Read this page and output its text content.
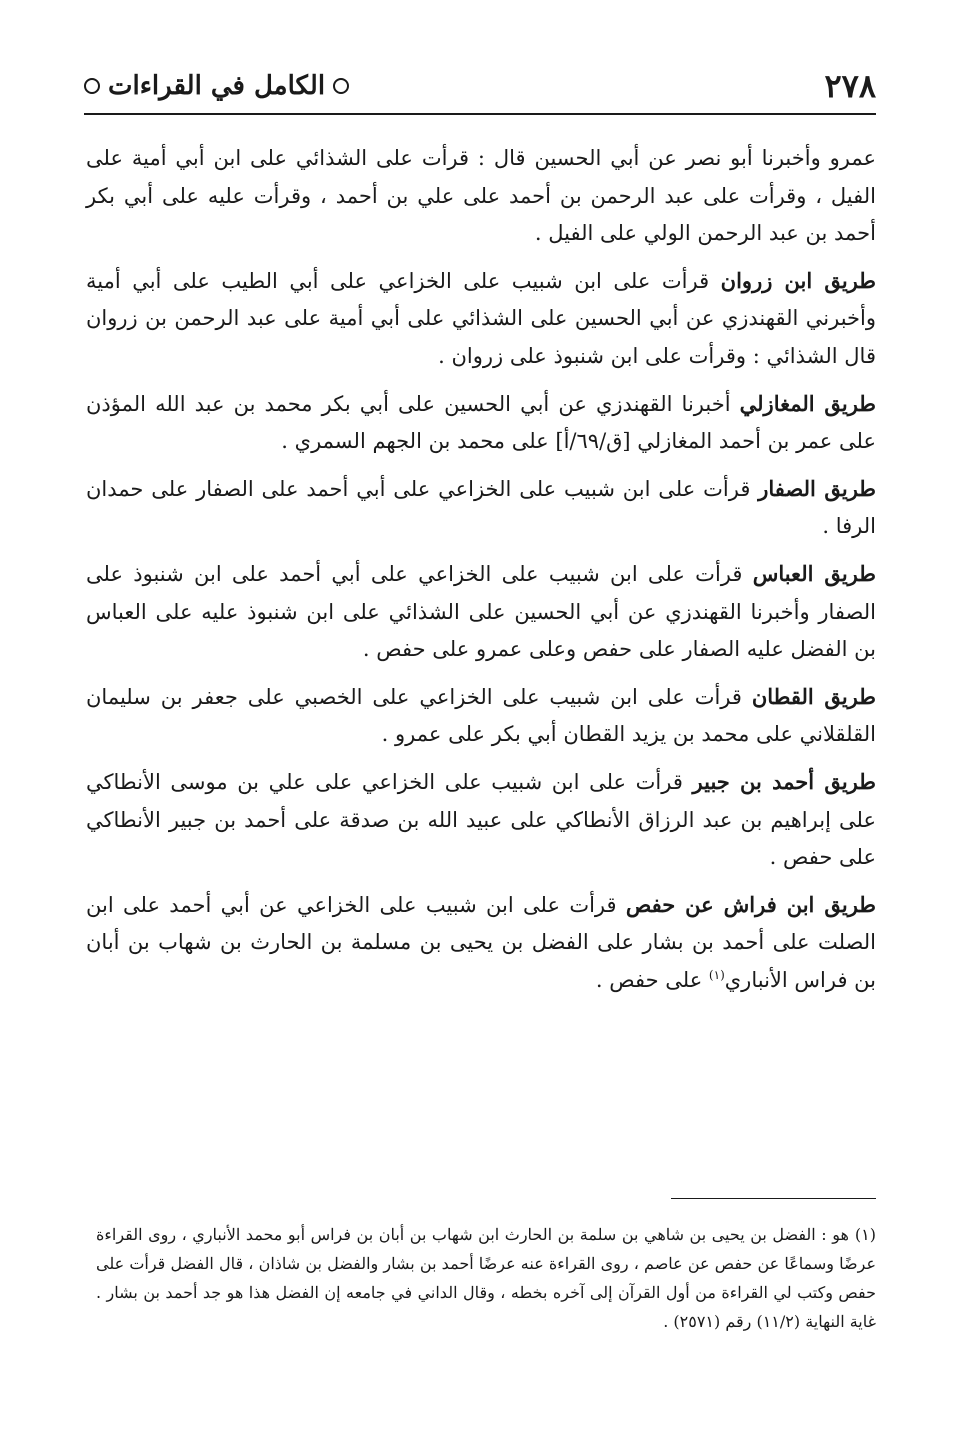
٢٧٨
الكامل في القراءات

عمرو وأخبرنا أبو نصر عن أبي الحسين قال : قرأت على الشذائي على ابن أبي أمية على الفيل ، وقرأت على عبد الرحمن بن أحمد على علي بن أحمد ، وقرأت عليه على أبي بكر أحمد بن عبد الرحمن الولي على الفيل .

طريق ابن زروان قرأت على ابن شبيب على الخزاعي على أبي الطيب على أبي أمية وأخبرني القهندزي عن أبي الحسين على الشذائي على أبي أمية على عبد الرحمن بن زروان قال الشذائي : وقرأت على ابن شنبوذ على زروان .

طريق المغازلي أخبرنا القهندزي عن أبي الحسين على أبي بكر محمد بن عبد الله المؤذن على عمر بن أحمد المغازلي [ق/٦٩/أ] على محمد بن الجهم السمري .

طريق الصفار قرأت على ابن شبيب على الخزاعي على أبي أحمد على الصفار على حمدان الرفا .

طريق العباس قرأت على ابن شبيب على الخزاعي على أبي أحمد على ابن شنبوذ على الصفار وأخبرنا القهندزي عن أبي الحسين على الشذائي على ابن شنبوذ عليه على العباس بن الفضل عليه الصفار على حفص وعلى عمرو على حفص .

طريق القطان قرأت على ابن شبيب على الخزاعي على الخصبي على جعفر بن سليمان القلقلاني على محمد بن يزيد القطان أبي بكر على عمرو .

طريق أحمد بن جبير قرأت على ابن شبيب على الخزاعي على علي بن موسى الأنطاكي على إبراهيم بن عبد الرزاق الأنطاكي على عبيد الله بن صدقة على أحمد بن جبير الأنطاكي على حفص .

طريق ابن فراش عن حفص قرأت على ابن شبيب على الخزاعي عن أبي أحمد على ابن الصلت على أحمد بن بشار على الفضل بن يحيى بن مسلمة بن الحارث بن شهاب بن أبان بن فراس الأنباري$^{(١)}$ على حفص .

(١)هو : الفضل بن يحيى بن شاهي بن سلمة بن الحارث ابن شهاب بن أبان بن فراس أبو محمد الأنباري ، روى القراءة عرضًا وسماعًا عن حفص عن عاصم ، روى القراءة عنه عرضًا أحمد بن بشار والفضل بن شاذان ، قال الفضل قرأت على حفص وكتب لي القراءة من أول القرآن إلى آخره بخطه ، وقال الداني في جامعه إن الفضل هذا هو جد أحمد بن بشار . غاية النهاية (١١/٢) رقم (٢٥٧١) .
